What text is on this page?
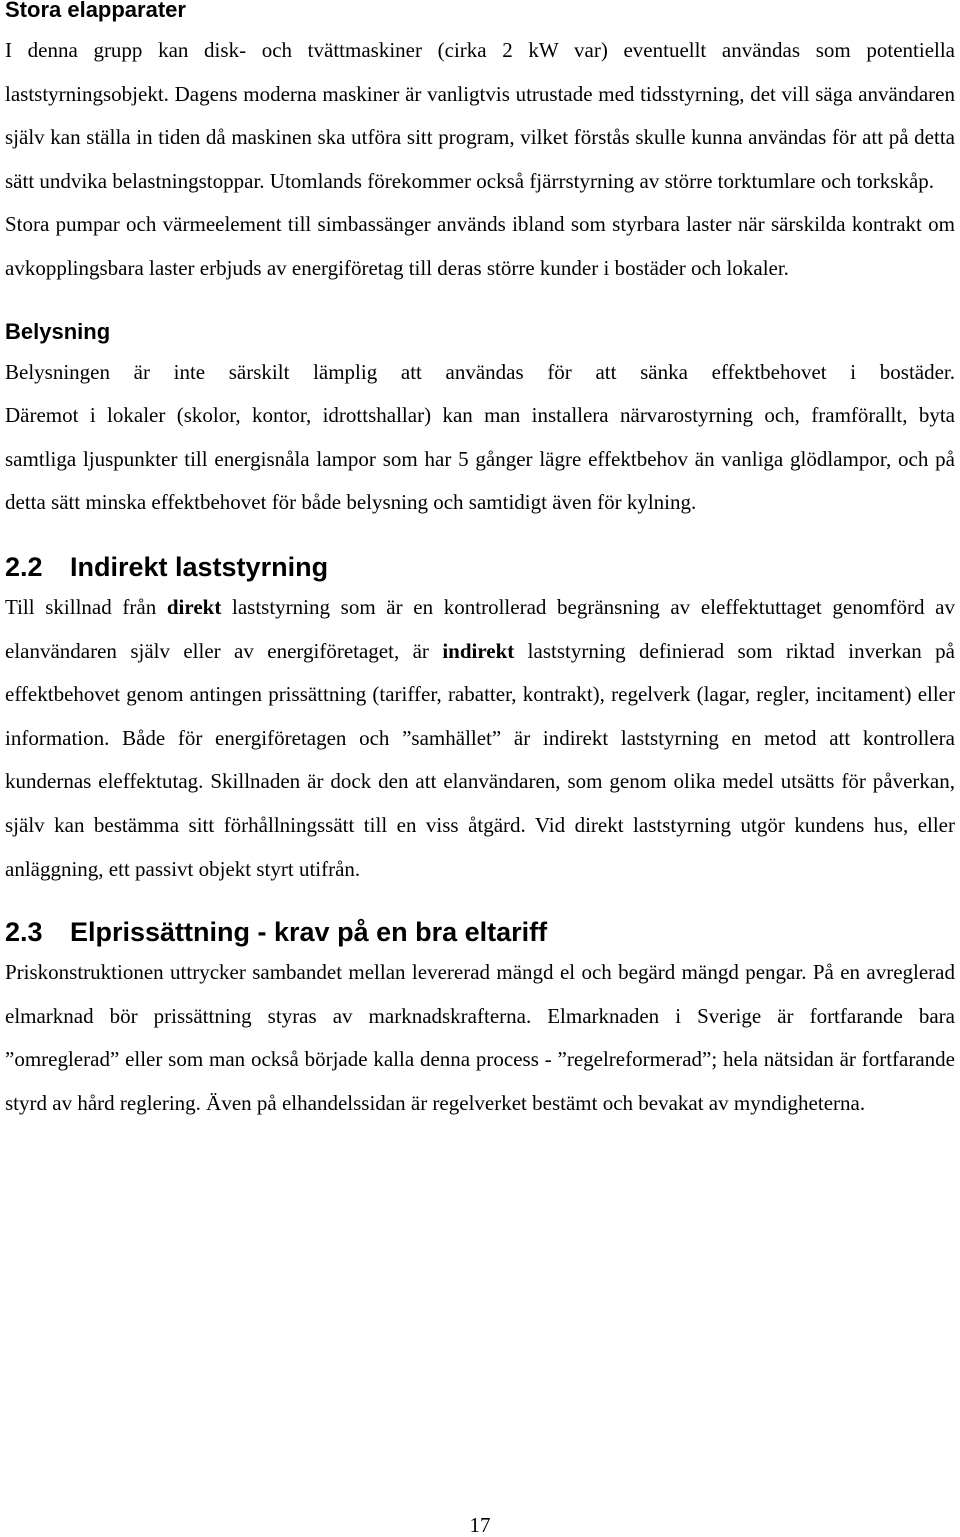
Stora elapparater

I denna grupp kan disk- och tvättmaskiner (cirka 2 kW var) eventuellt användas som potentiella laststyrningsobjekt. Dagens moderna maskiner är vanligtvis utrustade med tidsstyrning, det vill säga användaren själv kan ställa in tiden då maskinen ska utföra sitt program, vilket förstås skulle kunna användas för att på detta sätt undvika belastningstoppar. Utomlands förekommer också fjärrstyrning av större torktumlare och torkskåp.

Stora pumpar och värmeelement till simbassänger används ibland som styrbara laster när särskilda kontrakt om avkopplingsbara laster erbjuds av energiföretag till deras större kunder i bostäder och lokaler.

Belysning

Belysningen är inte särskilt lämplig att användas för att sänka effektbehovet i bostäder.

Däremot i lokaler (skolor, kontor, idrottshallar) kan man installera närvarostyrning och, framförallt, byta samtliga ljuspunkter till energisnåla lampor som har 5 gånger lägre effektbehov än vanliga glödlampor, och på detta sätt minska effektbehovet för både belysning och samtidigt även för kylning.

2.2	Indirekt laststyrning

Till skillnad från direkt laststyrning som är en kontrollerad begränsning av eleffektuttaget genomförd av elanvändaren själv eller av energiföretaget, är indirekt laststyrning definierad som riktad inverkan på effektbehovet genom antingen prissättning (tariffer, rabatter, kontrakt), regelverk (lagar, regler, incitament) eller information. Både för energiföretagen och ”samhället” är indirekt laststyrning en metod att kontrollera kundernas eleffektutag. Skillnaden är dock den att elanvändaren, som genom olika medel utsätts för påverkan, själv kan bestämma sitt förhållningssätt till en viss åtgärd. Vid direkt laststyrning utgör kundens hus, eller anläggning, ett passivt objekt styrt utifrån.

2.3	Elprissättning - krav på en bra eltariff

Priskonstruktionen uttrycker sambandet mellan levererad mängd el och begärd mängd pengar. På en avreglerad elmarknad bör prissättning styras av marknadskrafterna. Elmarknaden i Sverige är fortfarande bara ”omreglerad” eller som man också började kalla denna process - ”regelreformerad”; hela nätsidan är fortfarande styrd av hård reglering. Även på elhandelssidan är regelverket bestämt och bevakat av myndigheterna.

17
